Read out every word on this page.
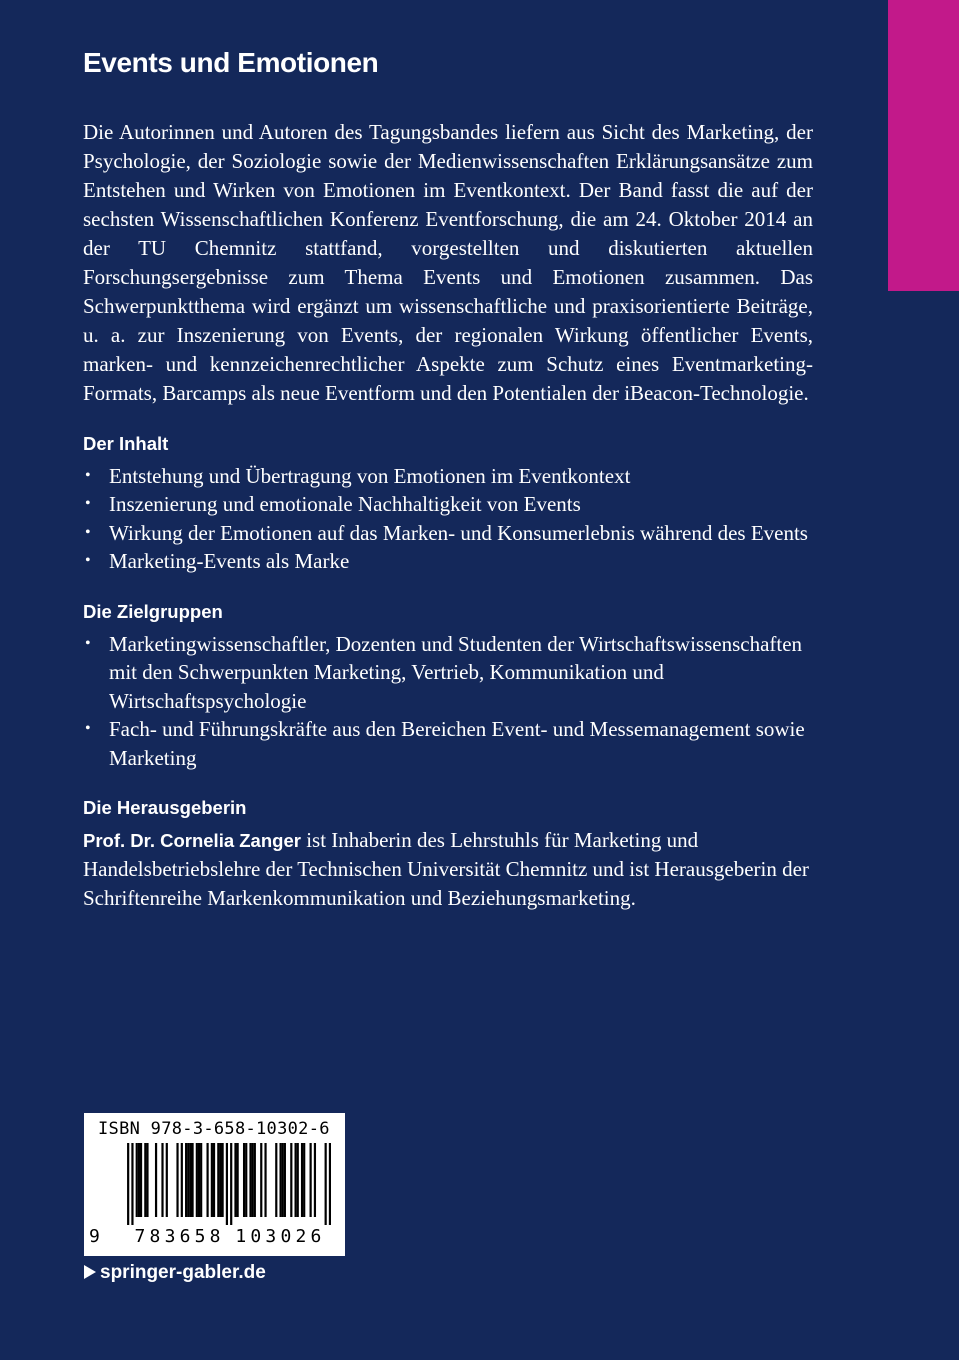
Events und Emotionen

Die Autorinnen und Autoren des Tagungsbandes liefern aus Sicht des Marketing, der Psychologie, der Soziologie sowie der Medienwissenschaften Erklärungsansätze zum Entstehen und Wirken von Emotionen im Eventkontext. Der Band fasst die auf der sechsten Wissenschaftlichen Konferenz Eventforschung, die am 24. Oktober 2014 an der TU Chemnitz stattfand, vorgestellten und diskutierten aktuellen Forschungsergebnisse zum Thema Events und Emotionen zusammen. Das Schwerpunktthema wird ergänzt um wissenschaftliche und praxisorientierte Beiträge, u. a. zur Inszenierung von Events, der regionalen Wirkung öffentlicher Events, marken- und kennzeichenrechtlicher Aspekte zum Schutz eines Eventmarketing-Formats, Barcamps als neue Eventform und den Potentialen der iBeacon-Technologie.

Der Inhalt
• Entstehung und Übertragung von Emotionen im Eventkontext
• Inszenierung und emotionale Nachhaltigkeit von Events
• Wirkung der Emotionen auf das Marken- und Konsumerlebnis während des Events
• Marketing-Events als Marke
Die Zielgruppen
• Marketingwissenschaftler, Dozenten und Studenten der Wirtschaftswissenschaften mit den Schwerpunkten Marketing, Vertrieb, Kommunikation und Wirtschaftspsychologie
• Fach- und Führungskräfte aus den Bereichen Event- und Messemanagement sowie Marketing
Die Herausgeberin

Prof. Dr. Cornelia Zanger ist Inhaberin des Lehrstuhls für Marketing und Handelsbetriebslehre der Technischen Universität Chemnitz und ist Herausgeberin der Schriftenreihe Markenkommunikation und Beziehungsmarketing.

ISBN 978-3-658-10302-6
9 7 8 3 6 5 8 1 0 3 0 2 6
springer-gabler.de
